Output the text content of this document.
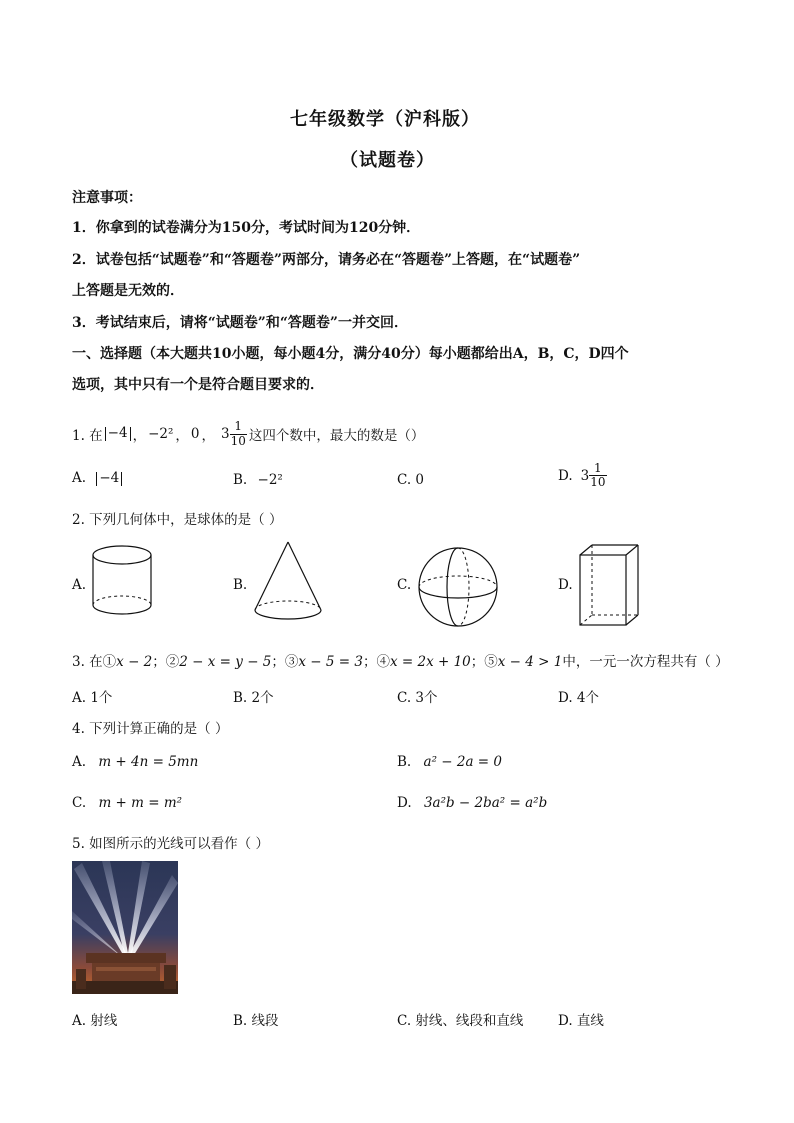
七年级数学（沪科版）
（试题卷）
注意事项：
1．你拿到的试卷满分为150分，考试时间为120分钟．
2．试卷包括“试题卷”和“答题卷”两部分，请务必在“答题卷”上答题，在“试题卷”
上答题是无效的．
3．考试结束后，请将“试题卷”和“答题卷”一并交回．
一、选择题（本大题共10小题，每小题4分，满分40分）每小题都给出A，B，C，D四个
选项，其中只有一个是符合题目要求的．
1. 在 −4 ， −2² ， 0 ， $3 \frac{1}{10}$ 这四个数中，最大的数是（）
A. −4	B. −2²	C. 0	D. $3 \frac{1}{10}$
2. 下列几何体中，是球体的是（ ）
A.	B.	C.	D.
3. 在①x − 2；②2 − x = y − 5；③x − 5 = 3；④x = 2x + 10；⑤x − 4 > 1中，一元一次方程共有（ ）
A. 1个	B. 2个	C. 3个	D. 4个
4. 下列计算正确的是（ ）
A. m + 4n = 5mn	B. a² − 2a = 0
C. m + m = m²	D. 3a²b − 2ba² = a²b
5. 如图所示的光线可以看作（ ）
A. 射线	B. 线段	C. 射线、线段和直线	D. 直线
